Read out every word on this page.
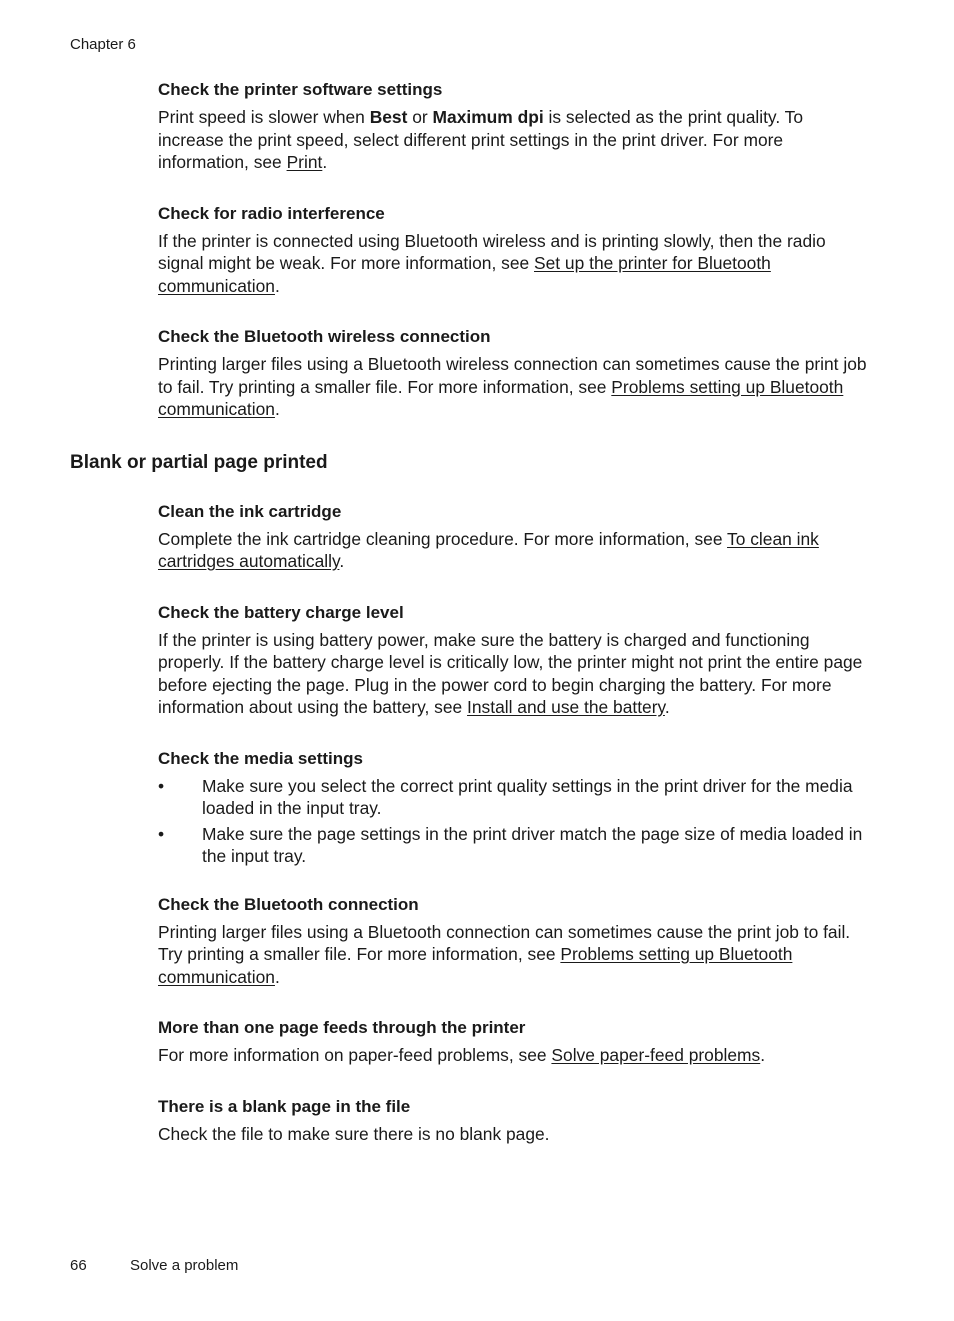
Chapter 6
Check the printer software settings

Print speed is slower when Best or Maximum dpi is selected as the print quality. To increase the print speed, select different print settings in the print driver. For more information, see Print.

Check for radio interference

If the printer is connected using Bluetooth wireless and is printing slowly, then the radio signal might be weak. For more information, see Set up the printer for Bluetooth communication.

Check the Bluetooth wireless connection

Printing larger files using a Bluetooth wireless connection can sometimes cause the print job to fail. Try printing a smaller file. For more information, see Problems setting up Bluetooth communication.

Blank or partial page printed
Clean the ink cartridge

Complete the ink cartridge cleaning procedure. For more information, see To clean ink cartridges automatically.

Check the battery charge level

If the printer is using battery power, make sure the battery is charged and functioning properly. If the battery charge level is critically low, the printer might not print the entire page before ejecting the page. Plug in the power cord to begin charging the battery. For more information about using the battery, see Install and use the battery.

Check the media settings
• Make sure you select the correct print quality settings in the print driver for the media loaded in the input tray.
• Make sure the page settings in the print driver match the page size of media loaded in the input tray.
Check the Bluetooth connection

Printing larger files using a Bluetooth connection can sometimes cause the print job to fail. Try printing a smaller file. For more information, see Problems setting up Bluetooth communication.

More than one page feeds through the printer

For more information on paper-feed problems, see Solve paper-feed problems.

There is a blank page in the file

Check the file to make sure there is no blank page.

66	Solve a problem
